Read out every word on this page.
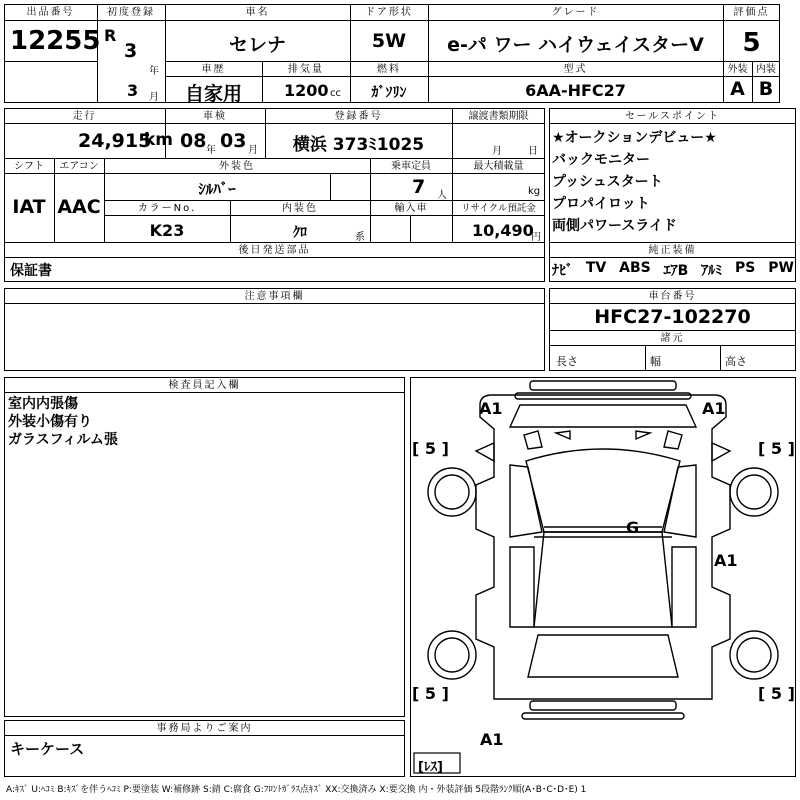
出品番号
12255
初度登録
R
3
年
3 月
車名
セレナ
ドア形状
5W
グレード
e-パ ワー ハイウェイスターV
評価点
5
車歴
自家用
排気量
1200 cc
燃料
ｶﾞｿﾘﾝ
型式
6AA-HFC27
外装
A
内装
B
走行
24,915
km
車検
08 年 03 月
登録番号
横浜 373ﾐ1025
譲渡書類期限
月	日
シフト
IAT
エアコン
AAC
外装色
ｼﾙﾊﾞｰ
乗車定員
7 人
最大積載量
kg
カラーNo.
K23
内装色
ｸﾛ	系
輸入車	リサイクル預託金
10,490
円
後日発送部品
保証書
セールスポイント
★オークションデビュー★
バックモニター
プッシュスタート
プロパイロット
両側パワースライド
純正装備
ﾅﾋﾞ TV ABS ｴｱB ｱﾙﾐ PS PW
注意事項欄	車台番号
HFC27-102270
諸元
長さ	幅	高さ
検査員記入欄
室内内張傷
外装小傷有り
ガラスフィルム張
事務局よりご案内
キーケース
A1	A1
A1
A1
G
[ 5 ]	[ 5 ]
[ 5 ]	[ 5 ]
[ﾚｽ]
A:ｷｽﾞ U:ﾍｺﾐ B:ｷｽﾞを伴うﾍｺﾐ P:要塗装 W:補修跡 S:錆 C:腐食 G:ﾌﾛﾝﾄｶﾞﾗｽ点ｷｽﾞ XX:交換済み X:要交換 内・外装評価 5段階ﾗﾝｸ順(A･B･C･D･E) 1
